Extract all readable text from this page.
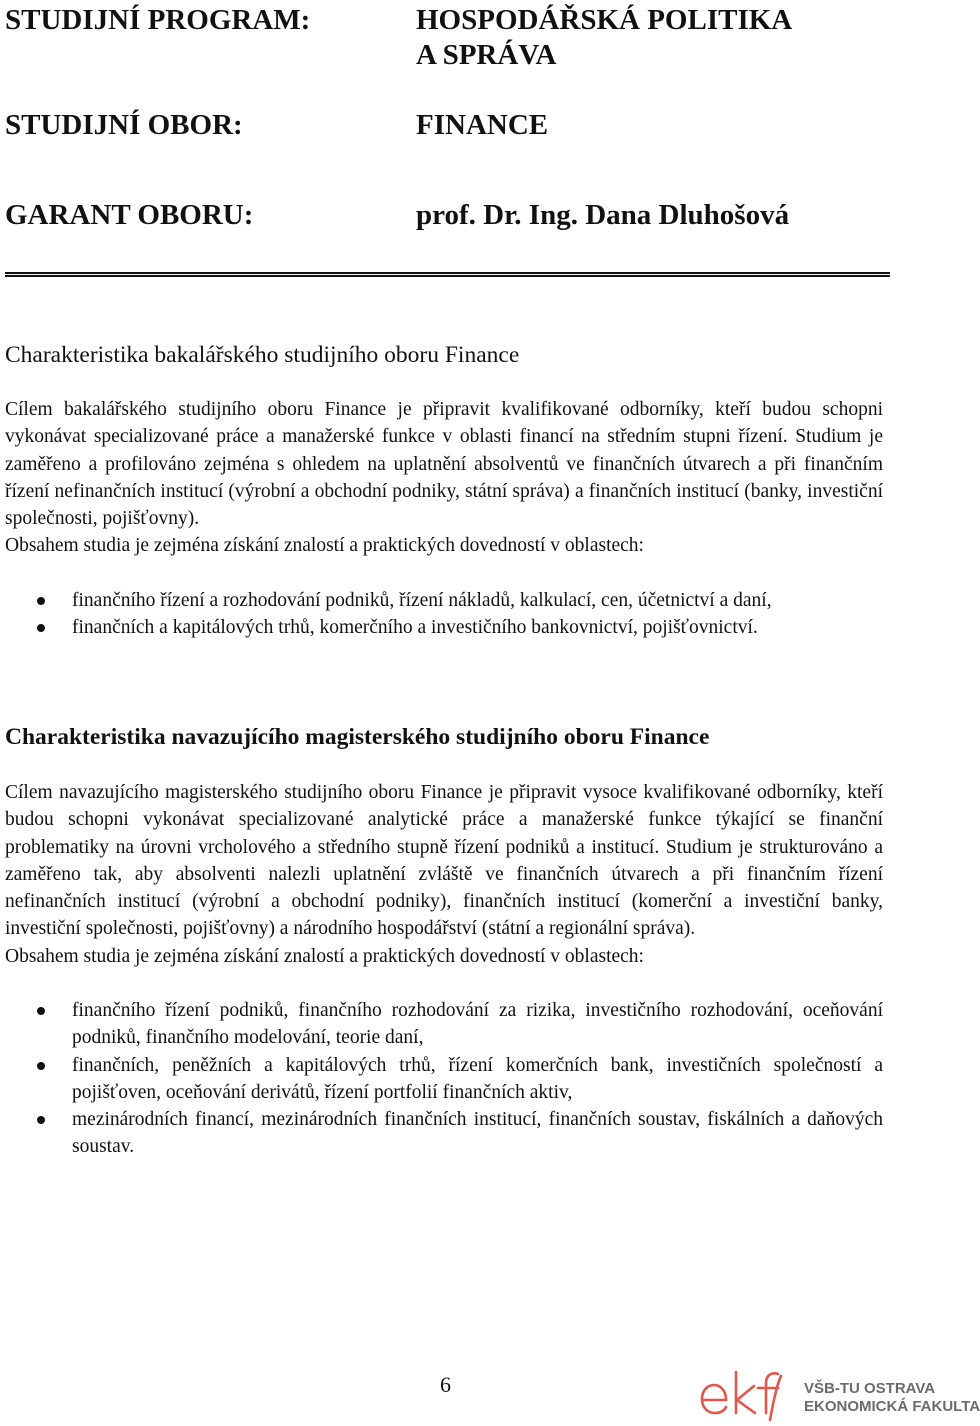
STUDIJNÍ PROGRAM:	HOSPODÁŘSKÁ POLITIKA
A SPRÁVA
STUDIJNÍ OBOR:	FINANCE
GARANT OBORU:	prof. Dr. Ing. Dana Dluhošová
Charakteristika bakalářského studijního oboru Finance

Cílem bakalářského studijního oboru Finance je připravit kvalifikované odborníky, kteří budou schopni vykonávat specializované práce a manažerské funkce v oblasti financí na středním stupni řízení. Studium je zaměřeno a profilováno zejména s ohledem na uplatnění absolventů ve finančních útvarech a při finančním řízení nefinančních institucí (výrobní a obchodní podniky, státní správa) a finančních institucí (banky, investiční společnosti, pojišťovny).

Obsahem studia je zejména získání znalostí a praktických dovedností v oblastech:

finančního řízení a rozhodování podniků, řízení nákladů, kalkulací, cen, účetnictví a daní,
finančních a kapitálových trhů, komerčního a investičního bankovnictví, pojišťovnictví.
Charakteristika navazujícího magisterského studijního oboru Finance

Cílem navazujícího magisterského studijního oboru Finance je připravit vysoce kvalifikované odborníky, kteří budou schopni vykonávat specializované analytické práce a manažerské funkce týkající se finanční problematiky na úrovni vrcholového a středního stupně řízení podniků a institucí. Studium je strukturováno a zaměřeno tak, aby absolventi nalezli uplatnění zvláště ve finančních útvarech a při finančním řízení nefinančních institucí (výrobní a obchodní podniky), finančních institucí (komerční a investiční banky, investiční společnosti, pojišťovny) a národního hospodářství (státní a regionální správa).

Obsahem studia je zejména získání znalostí a praktických dovedností v oblastech:

finančního řízení podniků, finančního rozhodování za rizika, investičního rozhodování, oceňování podniků, finančního modelování, teorie daní,
finančních, peněžních a kapitálových trhů, řízení komerčních bank, investičních společností a pojišťoven, oceňování derivátů, řízení portfolií finančních aktiv,
mezinárodních financí, mezinárodních finančních institucí, finančních soustav, fiskálních a daňových soustav.
6	VŠB-TU OSTRAVA
EKONOMICKÁ FAKULTA
